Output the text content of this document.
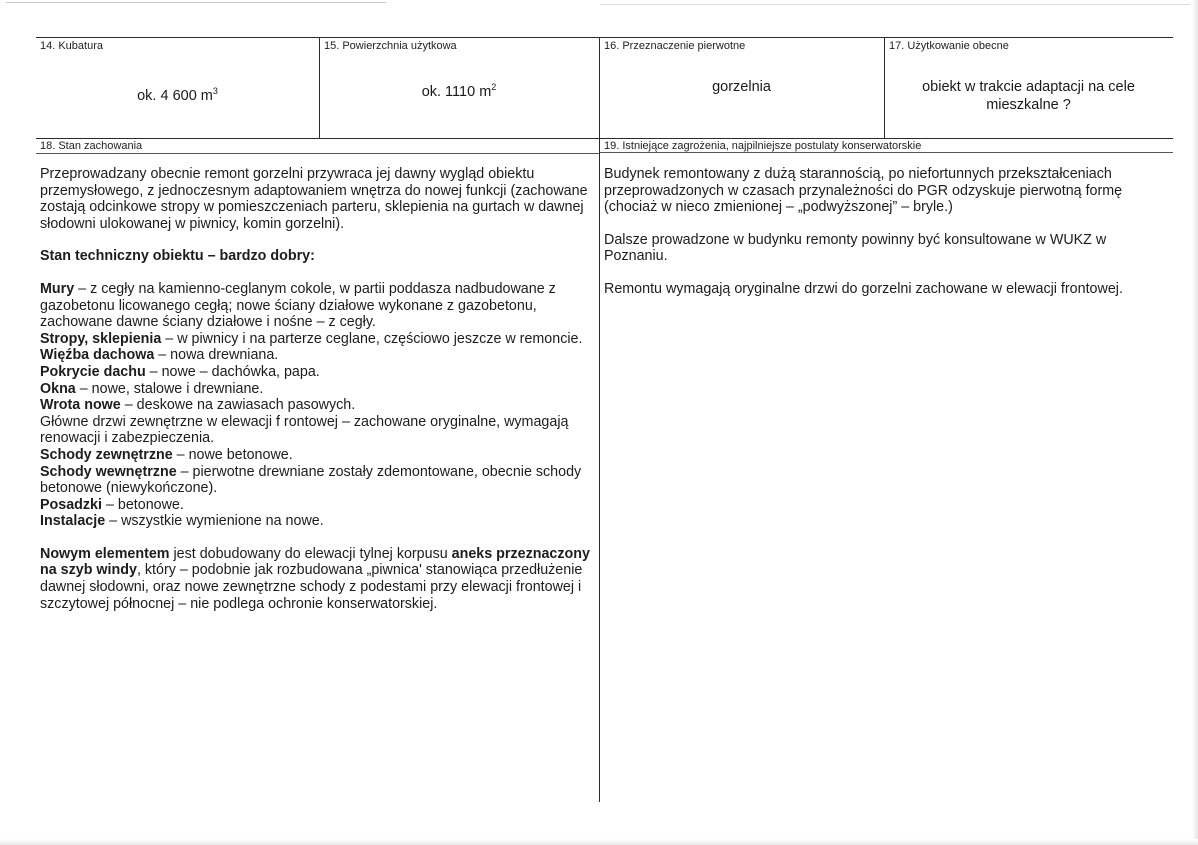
14. Kubatura	15. Powierzchnia użytkowa	16. Przeznaczenie pierwotne	17. Użytkowanie obecne
ok. 4 600 $m^3$	ok. 1110 $m^2$	gorzelnia	obiekt w trakcie adaptacji na cele
mieszkalne ?
18. Stan zachowania

Przeprowadzany obecnie remont gorzelni przywraca jej dawny wygląd obiektu przemysłowego, z jednoczesnym adaptowaniem wnętrza do nowej funkcji (zachowane zostają odcinkowe stropy w pomieszczeniach parteru, sklepienia na gurtach w dawnej słodowni ulokowanej w piwnicy, komin gorzelni).

Stan techniczny obiektu – bardzo dobry:

Mury – z cegły na kamienno-ceglanym cokole, w partii poddasza nadbudowane z gazobetonu licowanego cegłą; nowe ściany działowe wykonane z gazobetonu, zachowane dawne ściany działowe i nośne – z cegły.

Stropy, sklepienia – w piwnicy i na parterze ceglane, częściowo jeszcze w remoncie.

Więźba dachowa – nowa drewniana.

Pokrycie dachu – nowe – dachówka, papa.

Okna – nowe, stalowe i drewniane.

Wrota nowe – deskowe na zawiasach pasowych.

Główne drzwi zewnętrzne w elewacji f rontowej – zachowane oryginalne, wymagają renowacji i zabezpieczenia.

Schody zewnętrzne – nowe betonowe.

Schody wewnętrzne – pierwotne drewniane zostały zdemontowane, obecnie schody betonowe (niewykończone).

Posadzki – betonowe.

Instalacje – wszystkie wymienione na nowe.

Nowym elementem jest dobudowany do elewacji tylnej korpusu aneks przeznaczony na szyb windy, który – podobnie jak rozbudowana „piwnica' stanowiąca przedłużenie dawnej słodowni, oraz nowe zewnętrzne schody z podestami przy elewacji frontowej i szczytowej północnej – nie podlega ochronie konserwatorskiej.

19. Istniejące zagrożenia, najpilniejsze postulaty konserwatorskie

Budynek remontowany z dużą starannością, po niefortunnych przekształceniach przeprowadzonych w czasach przynależności do PGR odzyskuje pierwotną formę (chociaż w nieco zmienionej – „podwyższonej” – bryle.)

Dalsze prowadzone w budynku remonty powinny być konsultowane w WUKZ w Poznaniu.

Remontu wymagają oryginalne drzwi do gorzelni zachowane w elewacji frontowej.
